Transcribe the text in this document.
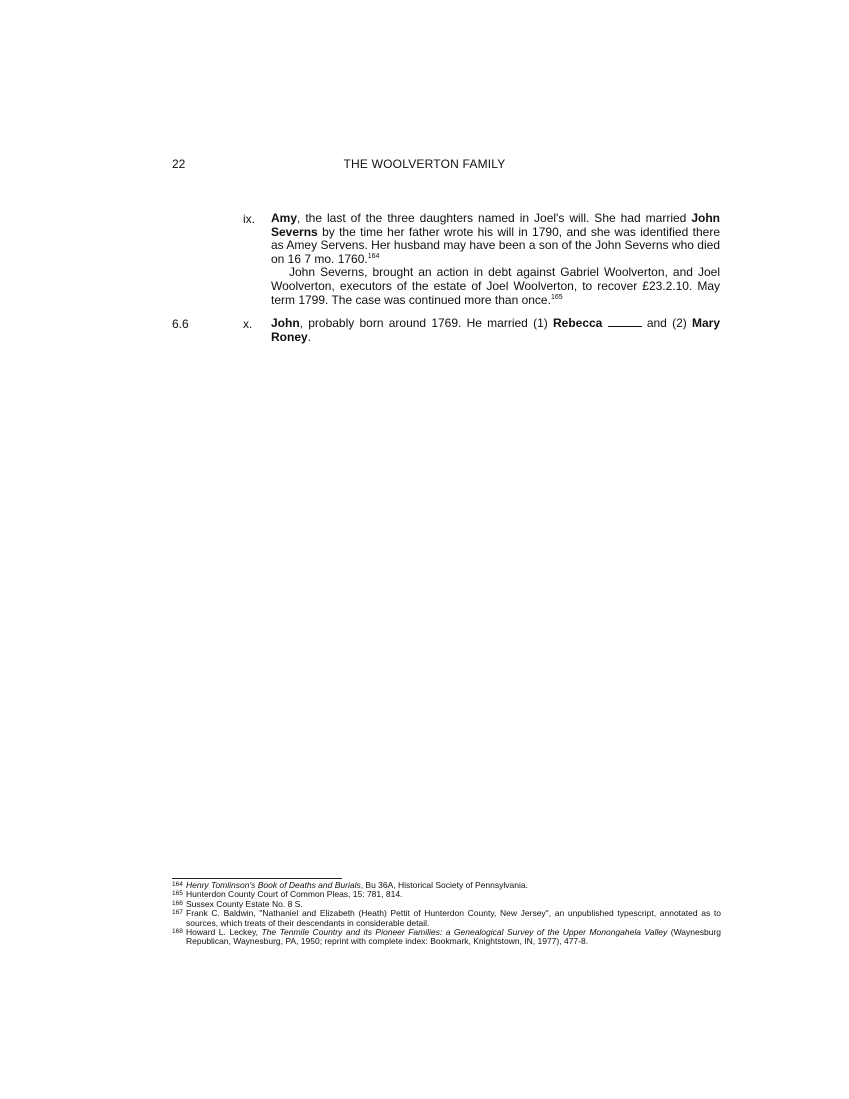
22	THE WOOLVERTON FAMILY
ix. Amy, the last of the three daughters named in Joel's will. She had married John Severns by the time her father wrote his will in 1790, and she was identified there as Amey Servens. Her husband may have been a son of the John Severns who died on 16 7 mo. 1760.$^{164}$

John Severns, brought an action in debt against Gabriel Woolverton, and Joel Woolverton, executors of the estate of Joel Woolverton, to recover £23.2.10. May term 1799. The case was continued more than once.$^{165}$

6.6	x. John, probably born around 1769. He married (1) Rebecca	and (2) Mary Roney.

164 Henry Tomlinson's Book of Deaths and Burials, Bu 36A, Historical Society of Pennsylvania.

165 Hunterdon County Court of Common Pleas, 15: 781, 814.

166 Sussex County Estate No. 8 S.

167 Frank C. Baldwin, "Nathaniel and Elizabeth (Heath) Pettit of Hunterdon County, New Jersey", an unpublished typescript, annotated as to sources, which treats of their descendants in considerable detail.

168 Howard L. Leckey, The Tenmile Country and its Pioneer Families: a Genealogical Survey of the Upper Monongahela Valley (Waynesburg Republican, Waynesburg, PA, 1950; reprint with complete index: Bookmark, Knightstown, IN, 1977), 477-8.
